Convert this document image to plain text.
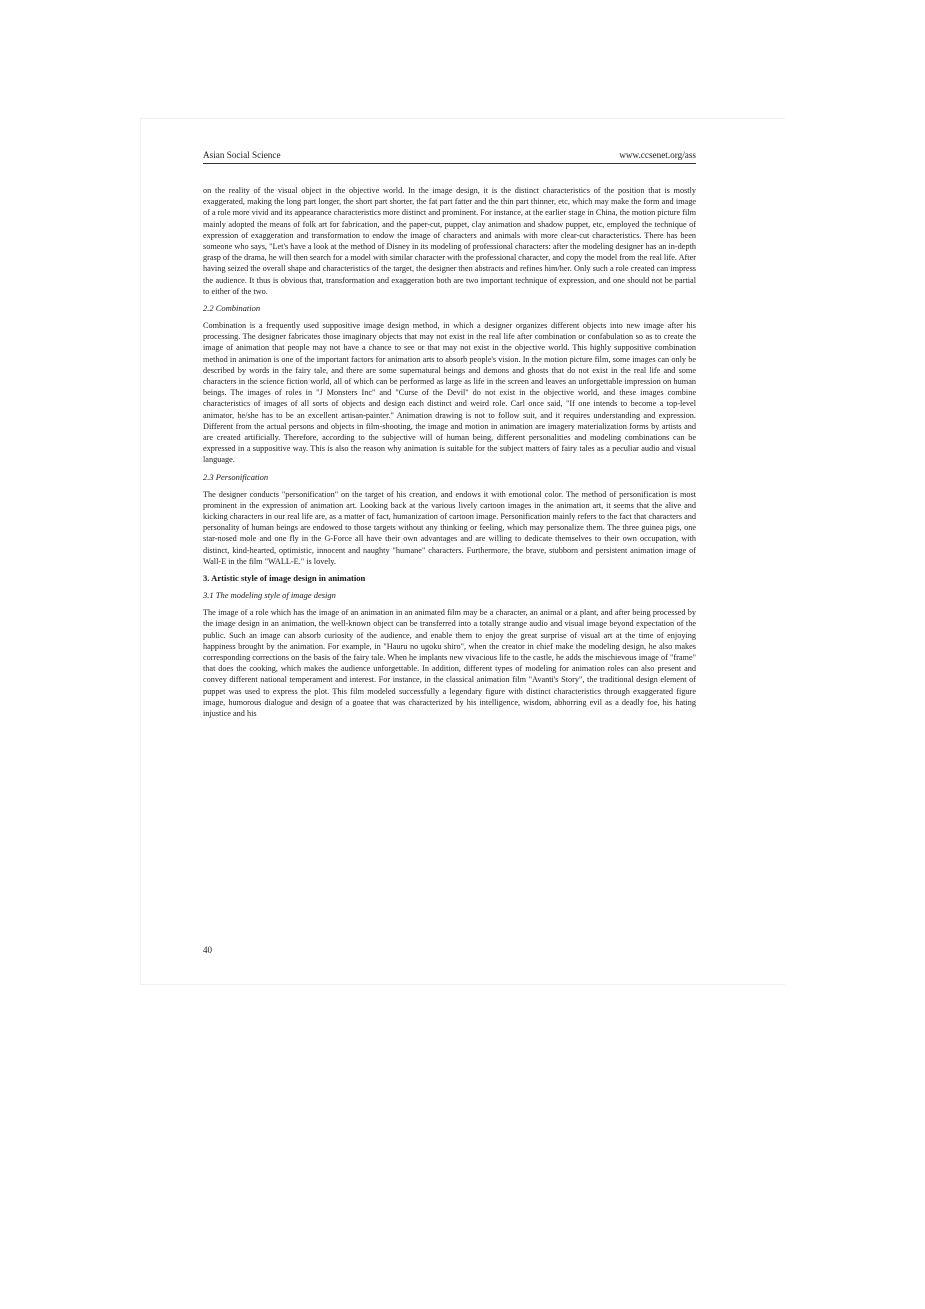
Asian Social Science	www.ccsenet.org/ass

on the reality of the visual object in the objective world. In the image design, it is the distinct characteristics of the position that is mostly exaggerated, making the long part longer, the short part shorter, the fat part fatter and the thin part thinner, etc, which may make the form and image of a role more vivid and its appearance characteristics more distinct and prominent. For instance, at the earlier stage in China, the motion picture film mainly adopted the means of folk art for fabrication, and the paper-cut, puppet, clay animation and shadow puppet, etc, employed the technique of expression of exaggeration and transformation to endow the image of characters and animals with more clear-cut characteristics. There has been someone who says, "Let's have a look at the method of Disney in its modeling of professional characters: after the modeling designer has an in-depth grasp of the drama, he will then search for a model with similar character with the professional character, and copy the model from the real life. After having seized the overall shape and characteristics of the target, the designer then abstracts and refines him/her. Only such a role created can impress the audience. It thus is obvious that, transformation and exaggeration both are two important technique of expression, and one should not be partial to either of the two.

2.2 Combination

Combination is a frequently used suppositive image design method, in which a designer organizes different objects into new image after his processing. The designer fabricates those imaginary objects that may not exist in the real life after combination or confabulation so as to create the image of animation that people may not have a chance to see or that may not exist in the objective world. This highly suppositive combination method in animation is one of the important factors for animation arts to absorb people's vision. In the motion picture film, some images can only be described by words in the fairy tale, and there are some supernatural beings and demons and ghosts that do not exist in the real life and some characters in the science fiction world, all of which can be performed as large as life in the screen and leaves an unforgettable impression on human beings. The images of roles in "J Monsters Inc" and "Curse of the Devil" do not exist in the objective world, and these images combine characteristics of images of all sorts of objects and design each distinct and weird role. Carl once said, "If one intends to become a top-level animator, he/she has to be an excellent artisan-painter." Animation drawing is not to follow suit, and it requires understanding and expression. Different from the actual persons and objects in film-shooting, the image and motion in animation are imagery materialization forms by artists and are created artificially. Therefore, according to the subjective will of human being, different personalities and modeling combinations can be expressed in a suppositive way. This is also the reason why animation is suitable for the subject matters of fairy tales as a peculiar audio and visual language.

2.3 Personification

The designer conducts "personification" on the target of his creation, and endows it with emotional color. The method of personification is most prominent in the expression of animation art. Looking back at the various lively cartoon images in the animation art, it seems that the alive and kicking characters in our real life are, as a matter of fact, humanization of cartoon image. Personification mainly refers to the fact that characters and personality of human beings are endowed to those targets without any thinking or feeling, which may personalize them. The three guinea pigs, one star-nosed mole and one fly in the G-Force all have their own advantages and are willing to dedicate themselves to their own occupation, with distinct, kind-hearted, optimistic, innocent and naughty "humane" characters. Furthermore, the brave, stubborn and persistent animation image of Wall-E in the film "WALL-E." is lovely.

3. Artistic style of image design in animation
3.1 The modeling style of image design

The image of a role which has the image of an animation in an animated film may be a character, an animal or a plant, and after being processed by the image design in an animation, the well-known object can be transferred into a totally strange audio and visual image beyond expectation of the public. Such an image can absorb curiosity of the audience, and enable them to enjoy the great surprise of visual art at the time of enjoying happiness brought by the animation. For example, in "Hauru no ugoku shiro", when the creator in chief make the modeling design, he also makes corresponding corrections on the basis of the fairy tale. When he implants new vivacious life to the castle, he adds the mischievous image of "frame" that does the cooking, which makes the audience unforgettable. In addition, different types of modeling for animation roles can also present and convey different national temperament and interest. For instance, in the classical animation film "Avanti's Story", the traditional design element of puppet was used to express the plot. This film modeled successfully a legendary figure with distinct characteristics through exaggerated figure image, humorous dialogue and design of a goatee that was characterized by his intelligence, wisdom, abhorring evil as a deadly foe, his hating injustice and his

40
